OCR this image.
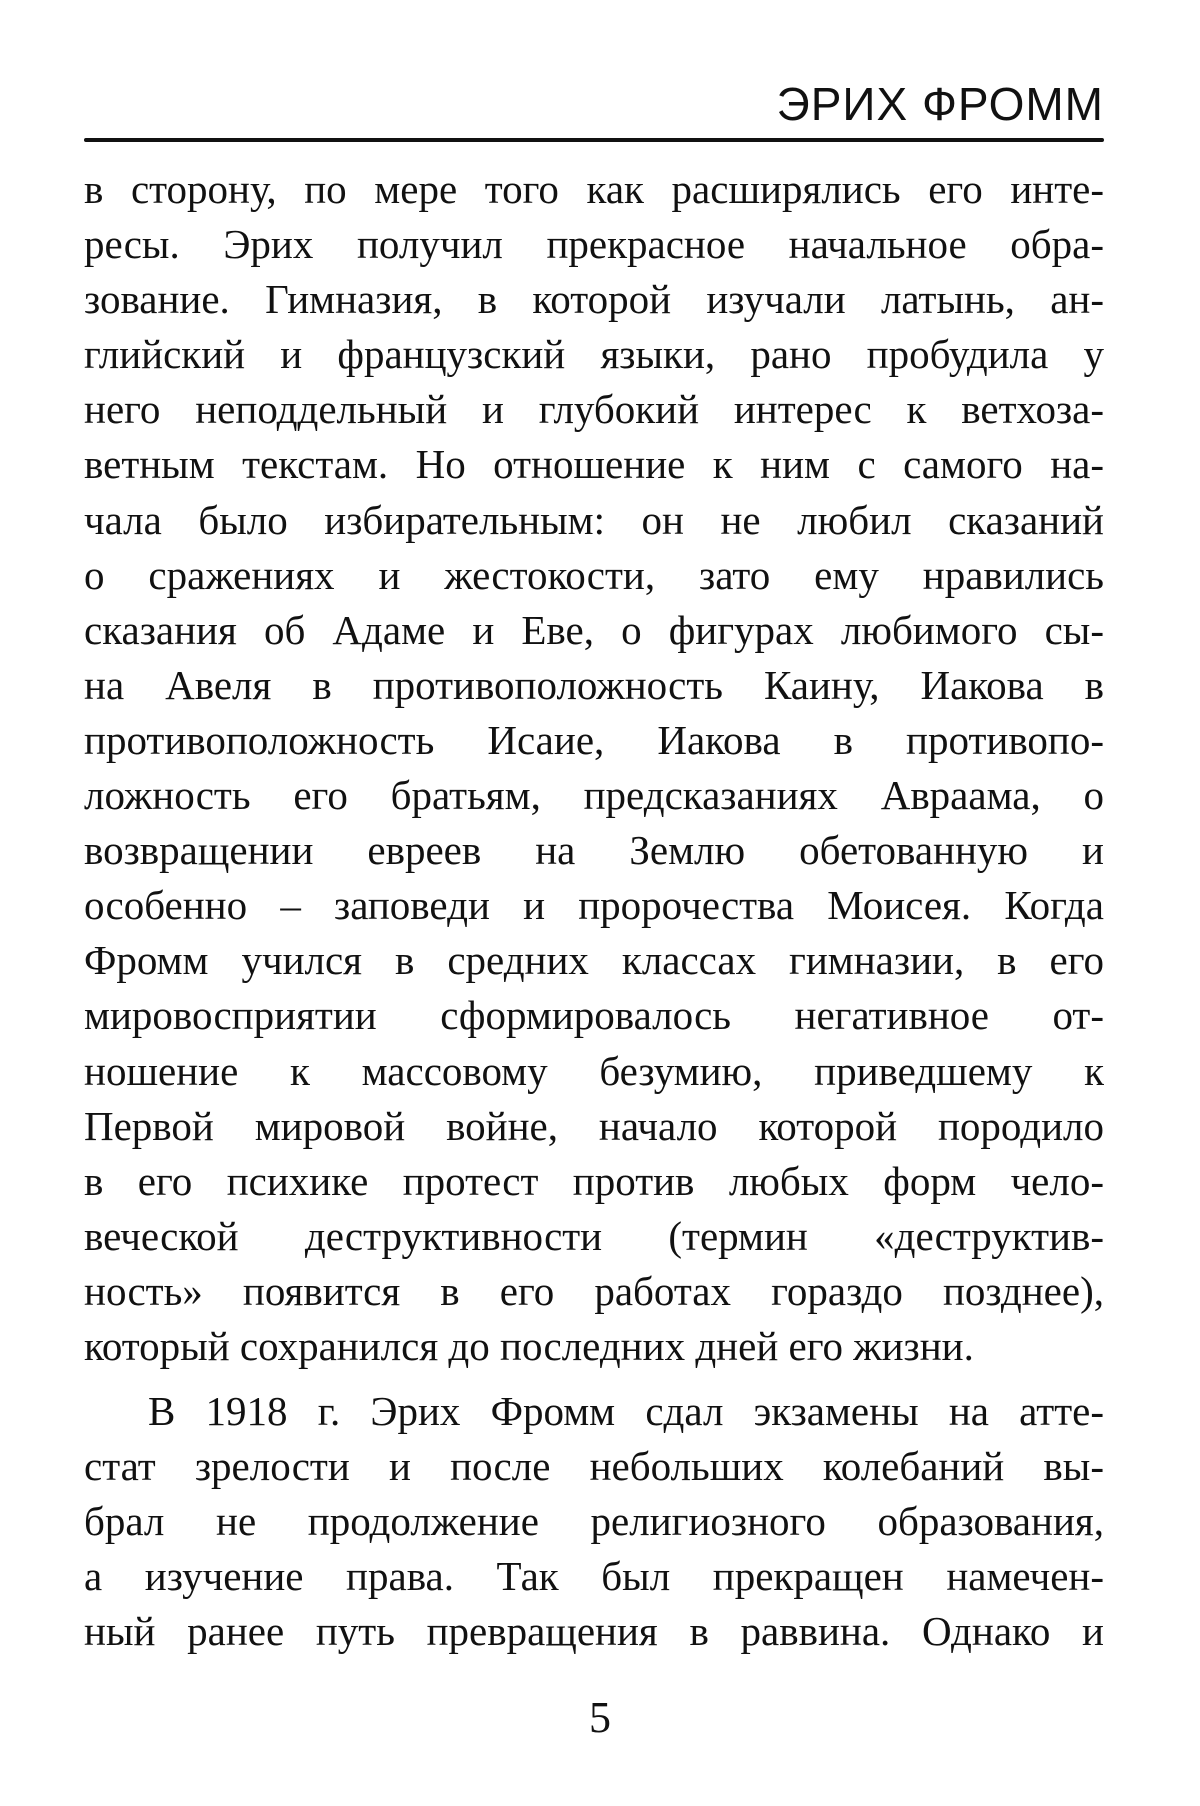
ЭРИХ ФРОММ
в сторону, по мере того как расширялись его инте-
ресы. Эрих получил прекрасное начальное обра-
зование. Гимназия, в которой изучали латынь, ан-
глийский и французский языки, рано пробудила у
него неподдельный и глубокий интерес к ветхоза-
ветным текстам. Но отношение к ним с самого на-
чала было избирательным: он не любил сказаний
о сражениях и жестокости, зато ему нравились
сказания об Адаме и Еве, о фигурах любимого сы-
на Авеля в противоположность Каину, Иакова в
противоположность Исаие, Иакова в противопо-
ложность его братьям, предсказаниях Авраама, о
возвращении евреев на Землю обетованную и
особенно – заповеди и пророчества Моисея. Когда
Фромм учился в средних классах гимназии, в его
мировосприятии сформировалось негативное от-
ношение к массовому безумию, приведшему к
Первой мировой войне, начало которой породило
в его психике протест против любых форм чело-
веческой деструктивности (термин «деструктив-
ность» появится в его работах гораздо позднее),
который сохранился до последних дней его жизни.
В 1918 г. Эрих Фромм сдал экзамены на атте-
стат зрелости и после небольших колебаний вы-
брал не продолжение религиозного образования,
а изучение права. Так был прекращен намечен-
ный ранее путь превращения в раввина. Однако и
5
